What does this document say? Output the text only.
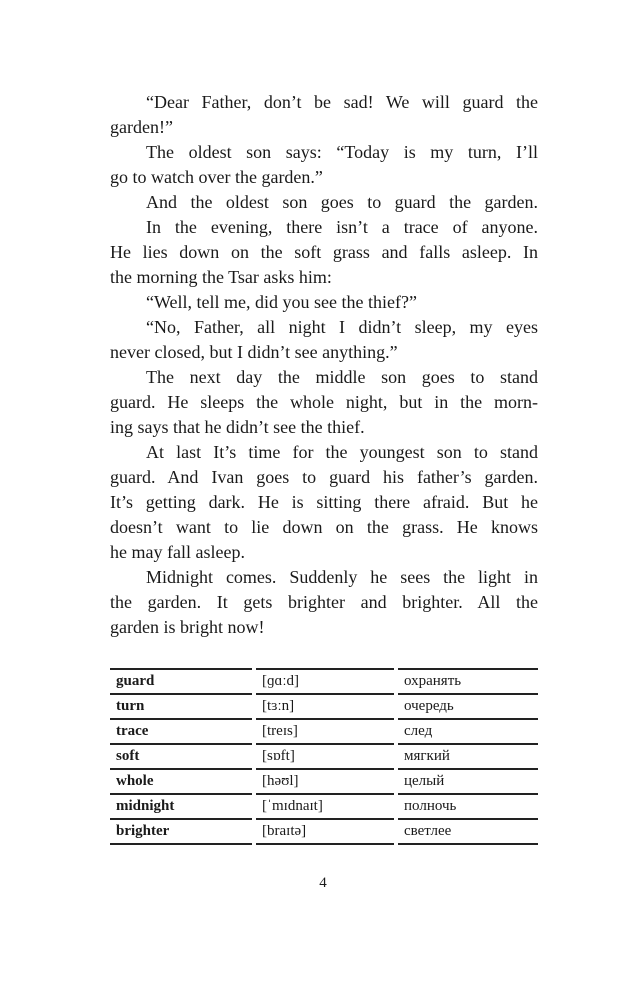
“Dear Father, don’t be sad! We will guard the
garden!”
The oldest son says: “Today is my turn, I’ll
go to watch over the garden.”
And the oldest son goes to guard the garden.
In the evening, there isn’t a trace of anyone.
He lies down on the soft grass and falls asleep. In
the morning the Tsar asks him:
“Well, tell me, did you see the thief?”
“No, Father, all night I didn’t sleep, my eyes
never closed, but I didn’t see anything.”
The next day the middle son goes to stand
guard. He sleeps the whole night, but in the morn-
ing says that he didn’t see the thief.
At last It’s time for the youngest son to stand
guard. And Ivan goes to guard his father’s garden.
It’s getting dark. He is sitting there afraid. But he
doesn’t want to lie down on the grass. He knows
he may fall asleep.
Midnight comes. Suddenly he sees the light in
the garden. It gets brighter and brighter. All the
garden is bright now!
guard	[ɡɑːd]	охранять
turn	[tɜːn]	очередь
trace	[treɪs]	след
soft	[sɒft]	мягкий
whole	[həʊl]	целый
midnight	[ˈmɪdnaɪt]	полночь
brighter	[braɪtə]	светлее
4
